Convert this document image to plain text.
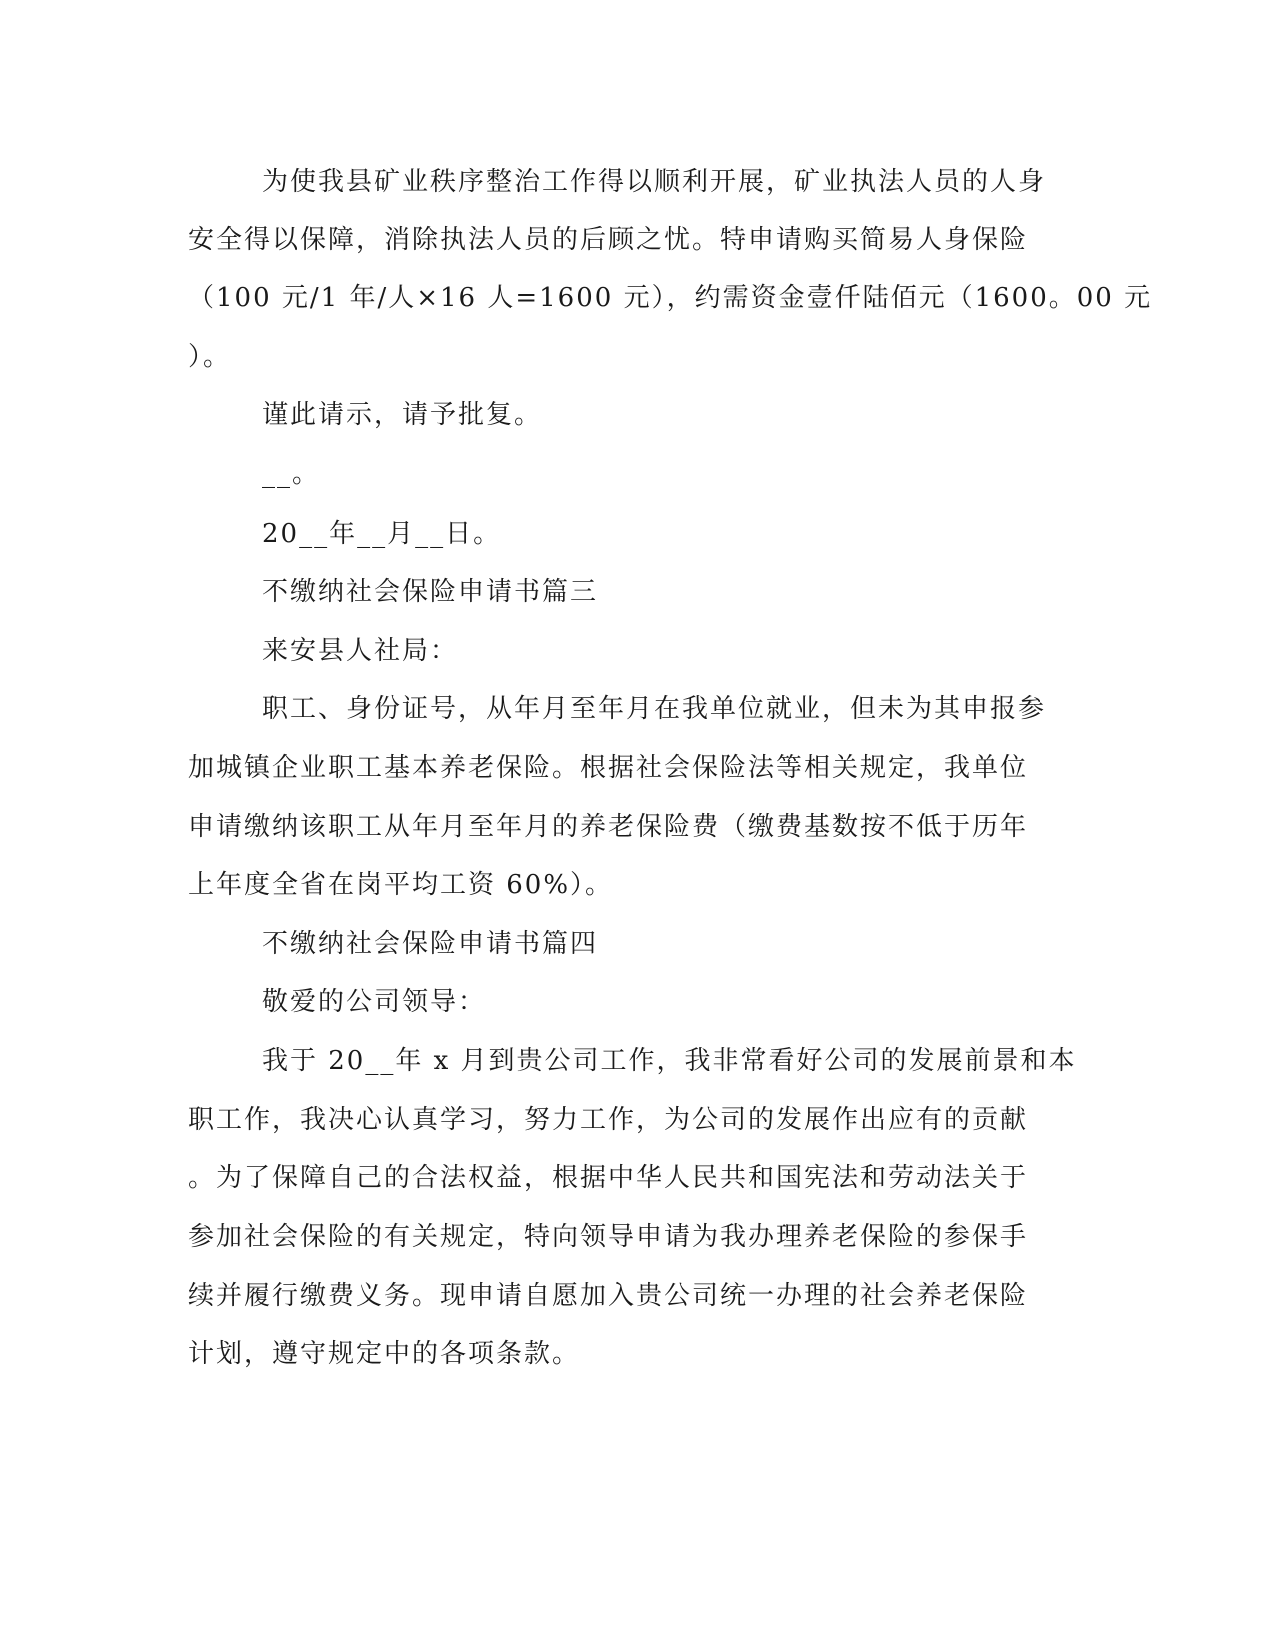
为使我县矿业秩序整治工作得以顺利开展，矿业执法人员的人身
安全得以保障，消除执法人员的后顾之忧。特申请购买简易人身保险
（100 元/1 年/人×16 人=1600 元），约需资金壹仟陆佰元（1600。00 元
）。
谨此请示，请予批复。
__。
20__年__月__日。
不缴纳社会保险申请书篇三
来安县人社局：
职工、身份证号，从年月至年月在我单位就业，但未为其申报参
加城镇企业职工基本养老保险。根据社会保险法等相关规定，我单位
申请缴纳该职工从年月至年月的养老保险费（缴费基数按不低于历年
上年度全省在岗平均工资 60%）。
不缴纳社会保险申请书篇四
敬爱的公司领导：
我于 20__年 x 月到贵公司工作，我非常看好公司的发展前景和本
职工作，我决心认真学习，努力工作，为公司的发展作出应有的贡献
。为了保障自己的合法权益，根据中华人民共和国宪法和劳动法关于
参加社会保险的有关规定，特向领导申请为我办理养老保险的参保手
续并履行缴费义务。现申请自愿加入贵公司统一办理的社会养老保险
计划，遵守规定中的各项条款。
